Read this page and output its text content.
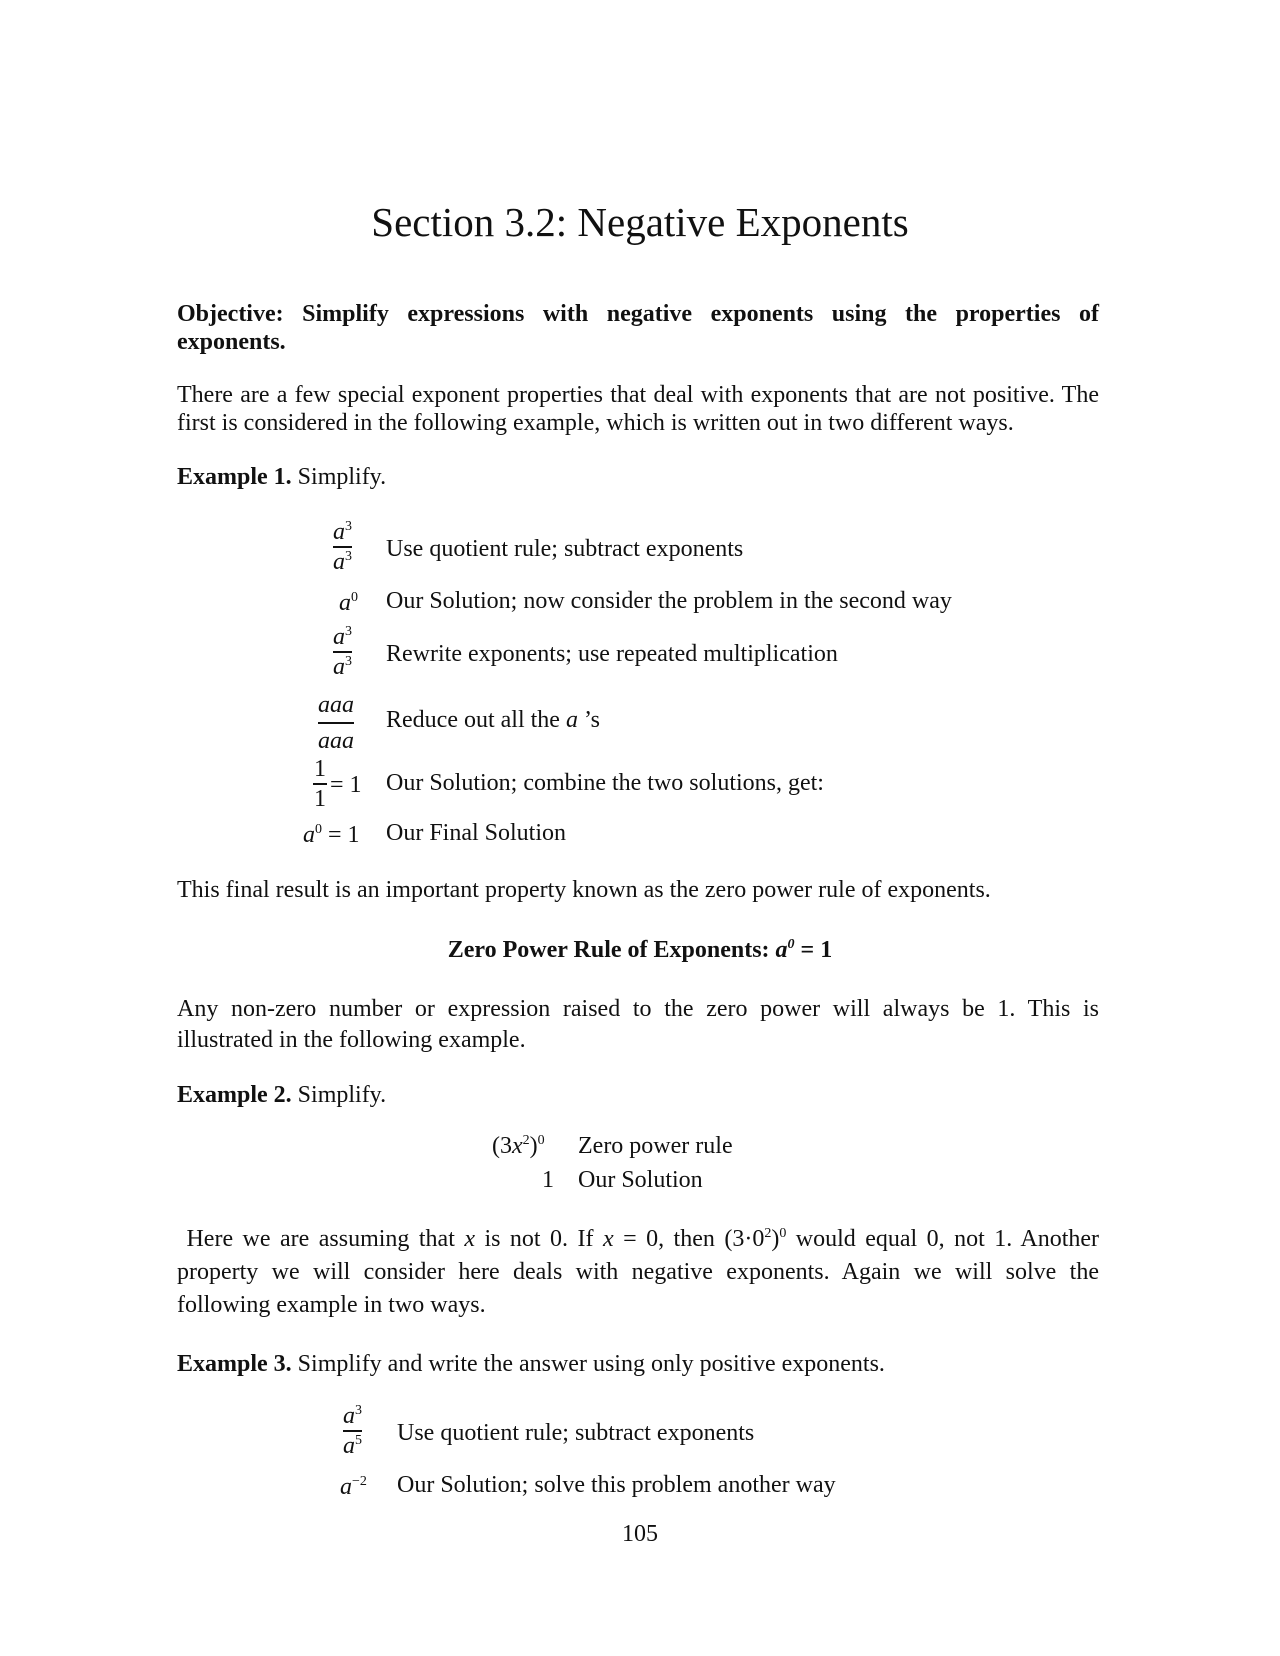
Section 3.2: Negative Exponents
Objective: Simplify expressions with negative exponents using the properties of exponents.
There are a few special exponent properties that deal with exponents that are not positive. The first is considered in the following example, which is written out in two different ways.
Example 1. Simplify.
$a^3$
$a^3$ Use quotient rule; subtract exponents
$a^0$ Our Solution; now consider the problem in the second way
$a^3$
$a^3$ Rewrite exponents; use repeated multiplication
aaa
aaa
Reduce out all the a ’s
1
1
= 1 Our Solution; combine the two solutions, get:
$a^0 = 1$ Our Final Solution
This final result is an important property known as the zero power rule of exponents.
Zero Power Rule of Exponents: $a^0 = 1$
Any non-zero number or expression raised to the zero power will always be 1. This is illustrated in the following example.
Example 2. Simplify.
$(3x^2)^0$ Zero power rule
1 Our Solution
Here we are assuming that x is not 0. If x = 0, then $(3\cdot 0^2)^0$ would equal 0, not 1. Another property we will consider here deals with negative exponents. Again we will solve the following example in two ways.
Example 3. Simplify and write the answer using only positive exponents.
$a^3$
$a^5$ Use quotient rule; subtract exponents
$a^{-2}$ Our Solution; solve this problem another way
105
